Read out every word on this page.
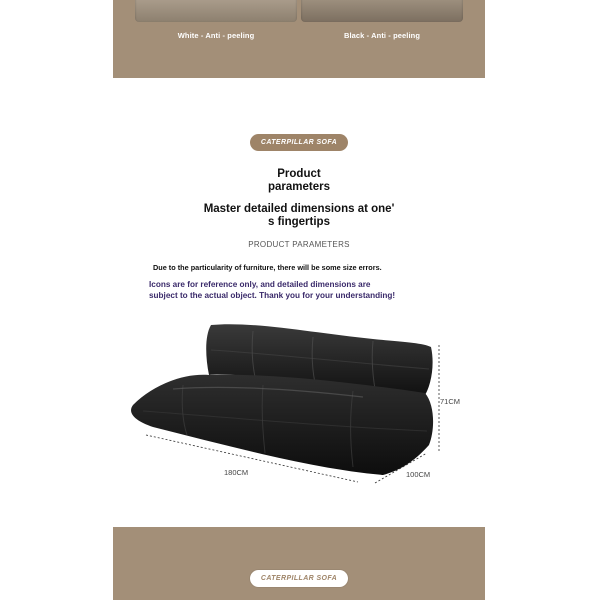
White - Anti - peeling	Black - Anti - peeling
CATERPILLAR SOFA
Product
parameters
Master detailed dimensions at one'
s fingertips
PRODUCT PARAMETERS
Due to the particularity of furniture, there will be some size errors.
Icons are for reference only, and detailed dimensions are
subject to the actual object. Thank you for your understanding!
180CM	100CM
71CM
CATERPILLAR SOFA
